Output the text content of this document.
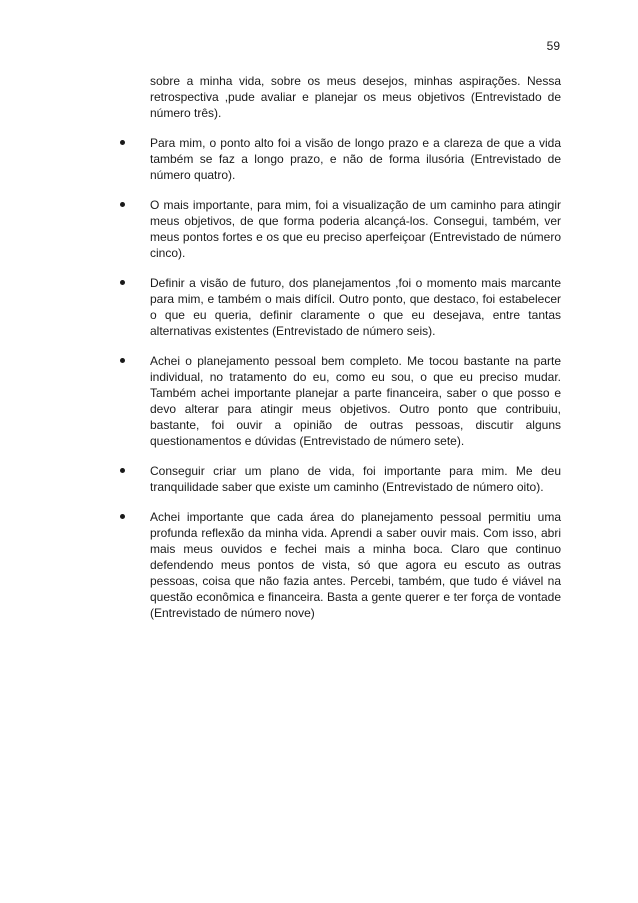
59

sobre a minha vida, sobre os meus desejos, minhas aspirações. Nessa retrospectiva ,pude avaliar e planejar os meus objetivos (Entrevistado de número três).

Para mim, o ponto alto foi a visão de longo prazo e a clareza de que a vida também se faz a longo prazo, e não de forma ilusória (Entrevistado de número quatro).

O mais importante, para mim, foi a visualização de um caminho para atingir meus objetivos, de que forma poderia alcançá-los. Consegui, também, ver meus pontos fortes e os que eu preciso aperfeiçoar (Entrevistado de número cinco).

Definir a visão de futuro, dos planejamentos ,foi o momento mais marcante para mim, e também o mais difícil. Outro ponto, que destaco, foi estabelecer o que eu queria, definir claramente o que eu desejava, entre tantas alternativas existentes (Entrevistado de número seis).

Achei o planejamento pessoal bem completo. Me tocou bastante na parte individual, no tratamento do eu, como eu sou, o que eu preciso mudar. Também achei importante planejar a parte financeira, saber o que posso e devo alterar para atingir meus objetivos. Outro ponto que contribuiu, bastante, foi ouvir a opinião de outras pessoas, discutir alguns questionamentos e dúvidas (Entrevistado de número sete).

Conseguir criar um plano de vida, foi importante para mim. Me deu tranquilidade saber que existe um caminho (Entrevistado de número oito).

Achei importante que cada área do planejamento pessoal permitiu uma profunda reflexão da minha vida. Aprendi a saber ouvir mais. Com isso, abri mais meus ouvidos e fechei mais a minha boca. Claro que continuo defendendo meus pontos de vista, só que agora eu escuto as outras pessoas, coisa que não fazia antes. Percebi, também, que tudo é viável na questão econômica e financeira. Basta a gente querer e ter força de vontade (Entrevistado de número nove)
